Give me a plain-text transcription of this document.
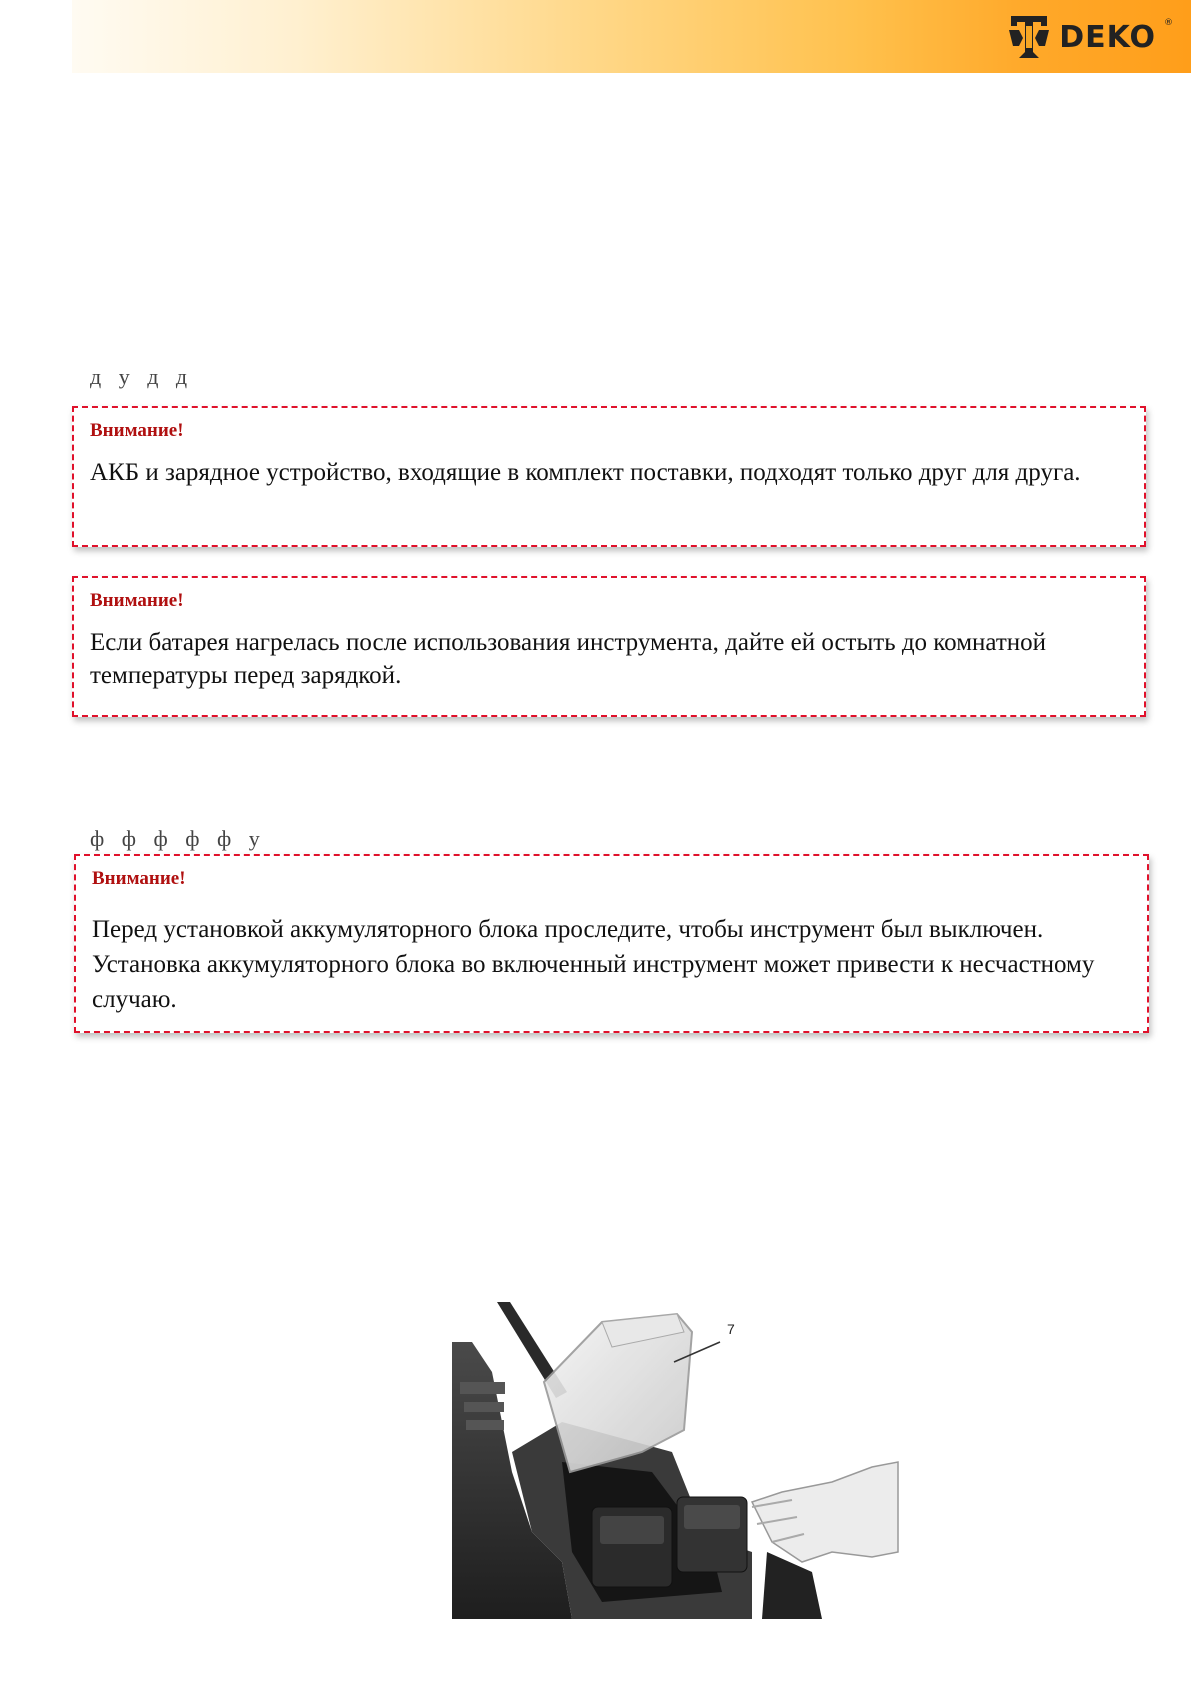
DEKO ®
д у д д
Внимание!
АКБ и зарядное устройство, входящие в комплект поставки, подходят только друг для друга.
Внимание!
Если батарея нагрелась после использования инструмента, дайте ей остыть до комнатной температуры перед зарядкой.
ф ф ф ф ф у
Внимание!
Перед установкой аккумуляторного блока проследите, чтобы инструмент был выключен. Установка аккумуляторного блока во включенный инструмент может привести к несчастному случаю.
7
